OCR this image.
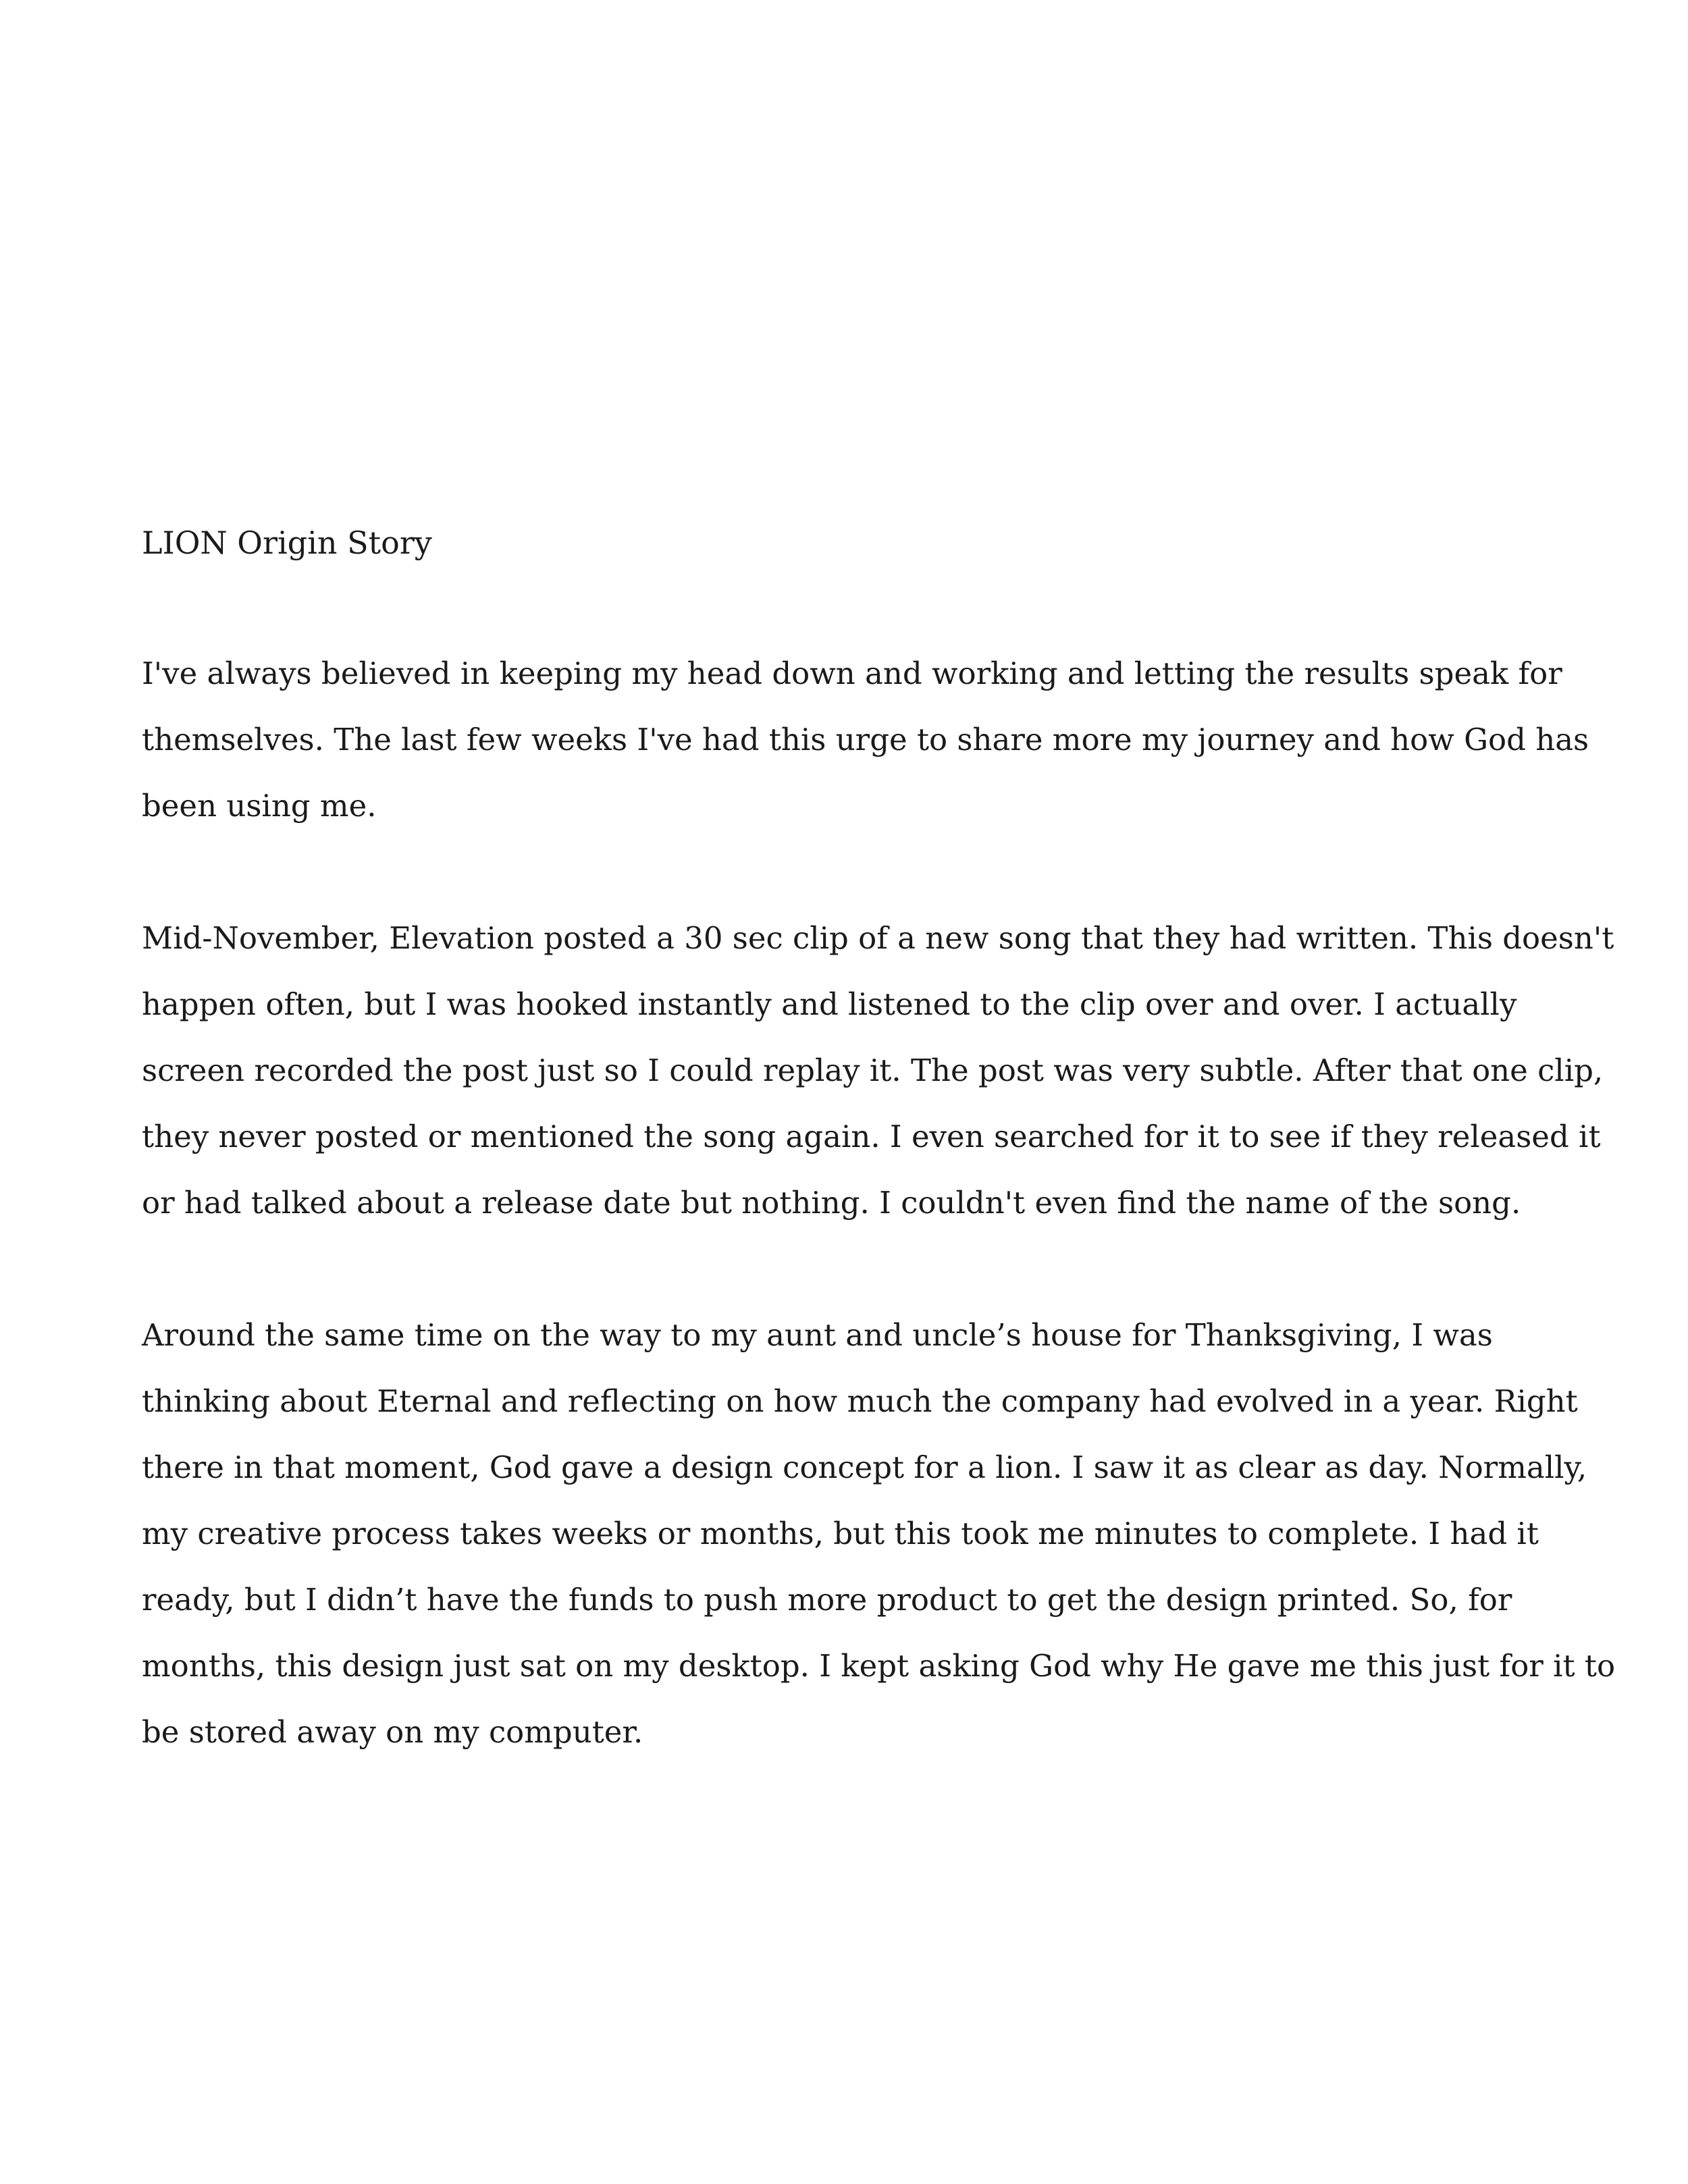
LION Origin Story

I've always believed in keeping my head down and working and letting the results speak for
themselves. The last few weeks I've had this urge to share more my journey and how God has
been using me.

Mid-November, Elevation posted a 30 sec clip of a new song that they had written. This doesn't
happen often, but I was hooked instantly and listened to the clip over and over. I actually
screen recorded the post just so I could replay it. The post was very subtle. After that one clip,
they never posted or mentioned the song again. I even searched for it to see if they released it
or had talked about a release date but nothing. I couldn't even find the name of the song.

Around the same time on the way to my aunt and uncle’s house for Thanksgiving, I was
thinking about Eternal and reflecting on how much the company had evolved in a year. Right
there in that moment, God gave a design concept for a lion. I saw it as clear as day. Normally,
my creative process takes weeks or months, but this took me minutes to complete. I had it
ready, but I didn’t have the funds to push more product to get the design printed. So, for
months, this design just sat on my desktop. I kept asking God why He gave me this just for it to
be stored away on my computer.
